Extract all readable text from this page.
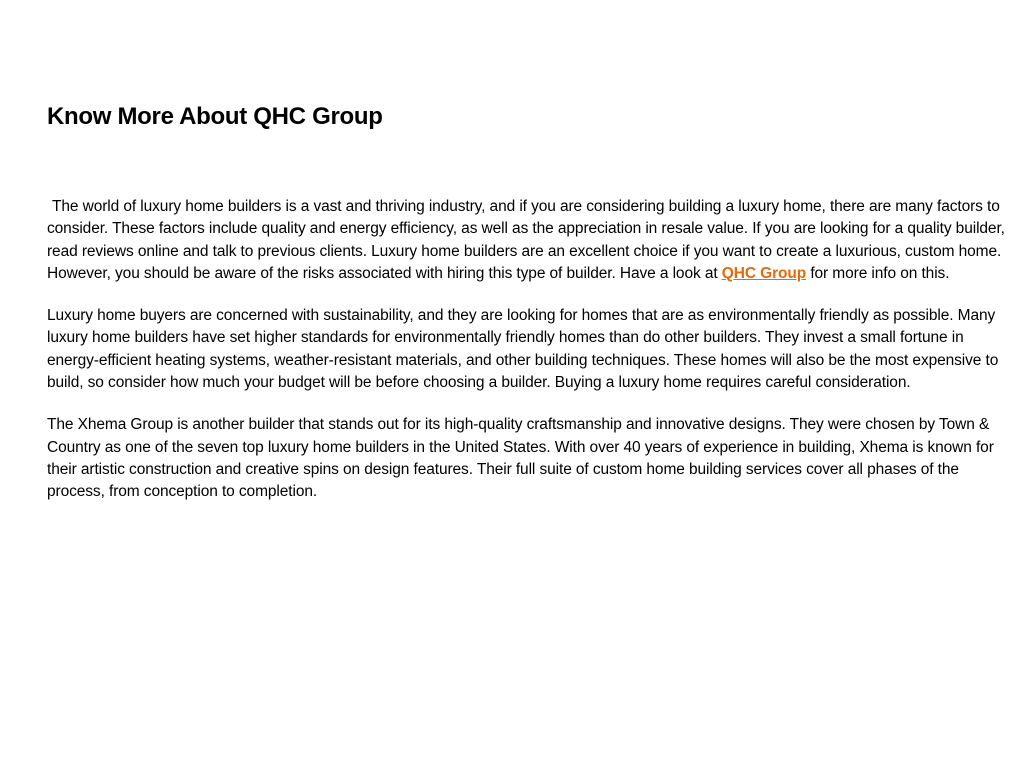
Know More About QHC Group

The world of luxury home builders is a vast and thriving industry, and if you are considering building a luxury home, there are many factors to consider. These factors include quality and energy efficiency, as well as the appreciation in resale value. If you are looking for a quality builder, read reviews online and talk to previous clients. Luxury home builders are an excellent choice if you want to create a luxurious, custom home. However, you should be aware of the risks associated with hiring this type of builder. Have a look at QHC Group for more info on this.

Luxury home buyers are concerned with sustainability, and they are looking for homes that are as environmentally friendly as possible. Many luxury home builders have set higher standards for environmentally friendly homes than do other builders. They invest a small fortune in energy-efficient heating systems, weather-resistant materials, and other building techniques. These homes will also be the most expensive to build, so consider how much your budget will be before choosing a builder. Buying a luxury home requires careful consideration.

The Xhema Group is another builder that stands out for its high-quality craftsmanship and innovative designs. They were chosen by Town & Country as one of the seven top luxury home builders in the United States. With over 40 years of experience in building, Xhema is known for their artistic construction and creative spins on design features. Their full suite of custom home building services cover all phases of the process, from conception to completion.
